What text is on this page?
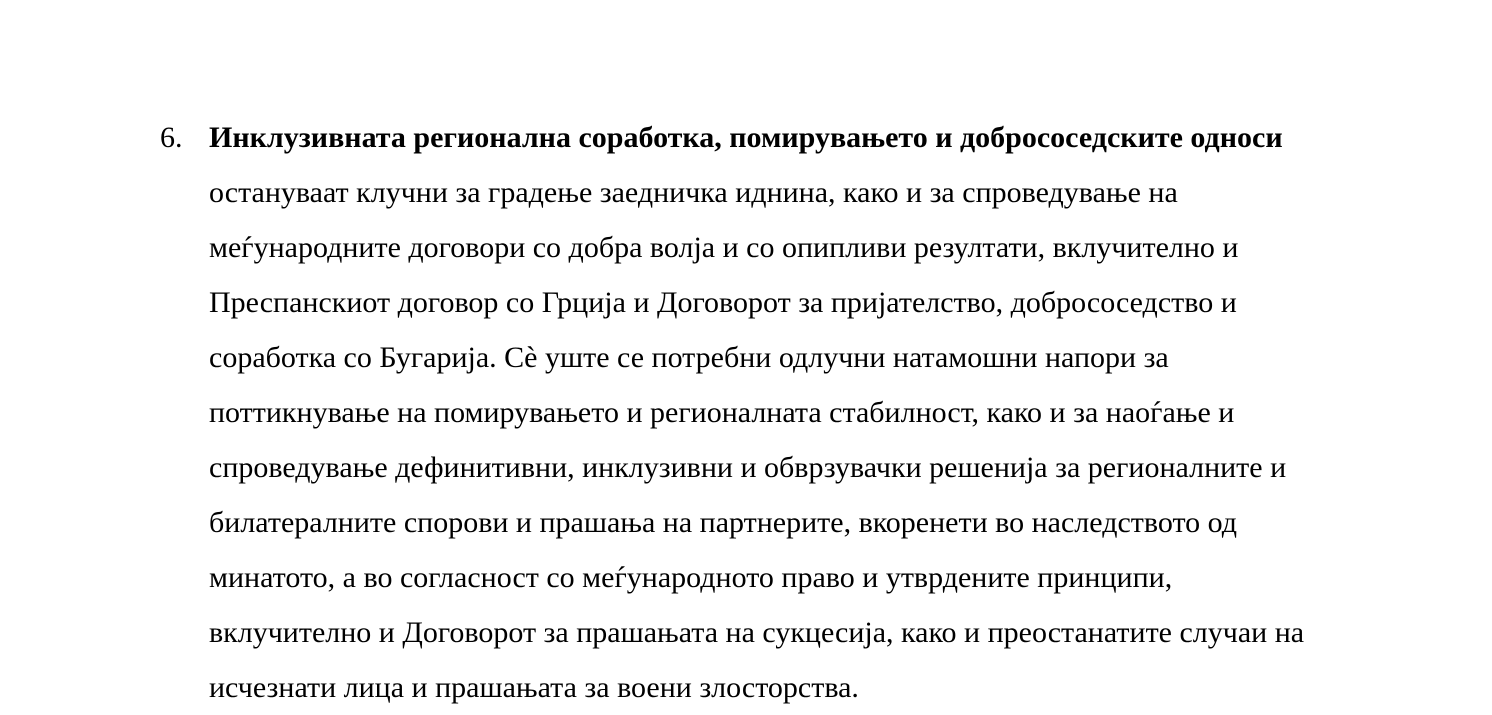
6. Инклузивната регионална соработка, помирувањето и добрососедските односи
остануваат клучни за градење заедничка иднина, како и за спроведување на
меѓународните договори со добра волја и со опипливи резултати, вклучително и
Преспанскиот договор со Грција и Договорот за пријателство, добрососедство и
соработка со Бугарија. Сè уште се потребни одлучни натамошни напори за
поттикнување на помирувањето и регионалната стабилност, како и за наоѓање и
спроведување дефинитивни, инклузивни и обврзувачки решенија за регионалните и
билатералните спорови и прашања на партнерите, вкоренети во наследството од
минатото, а во согласност со меѓународното право и утврдените принципи,
вклучително и Договорот за прашањата на сукцесија, како и преостанатите случаи на
исчезнати лица и прашањата за воени злосторства.
